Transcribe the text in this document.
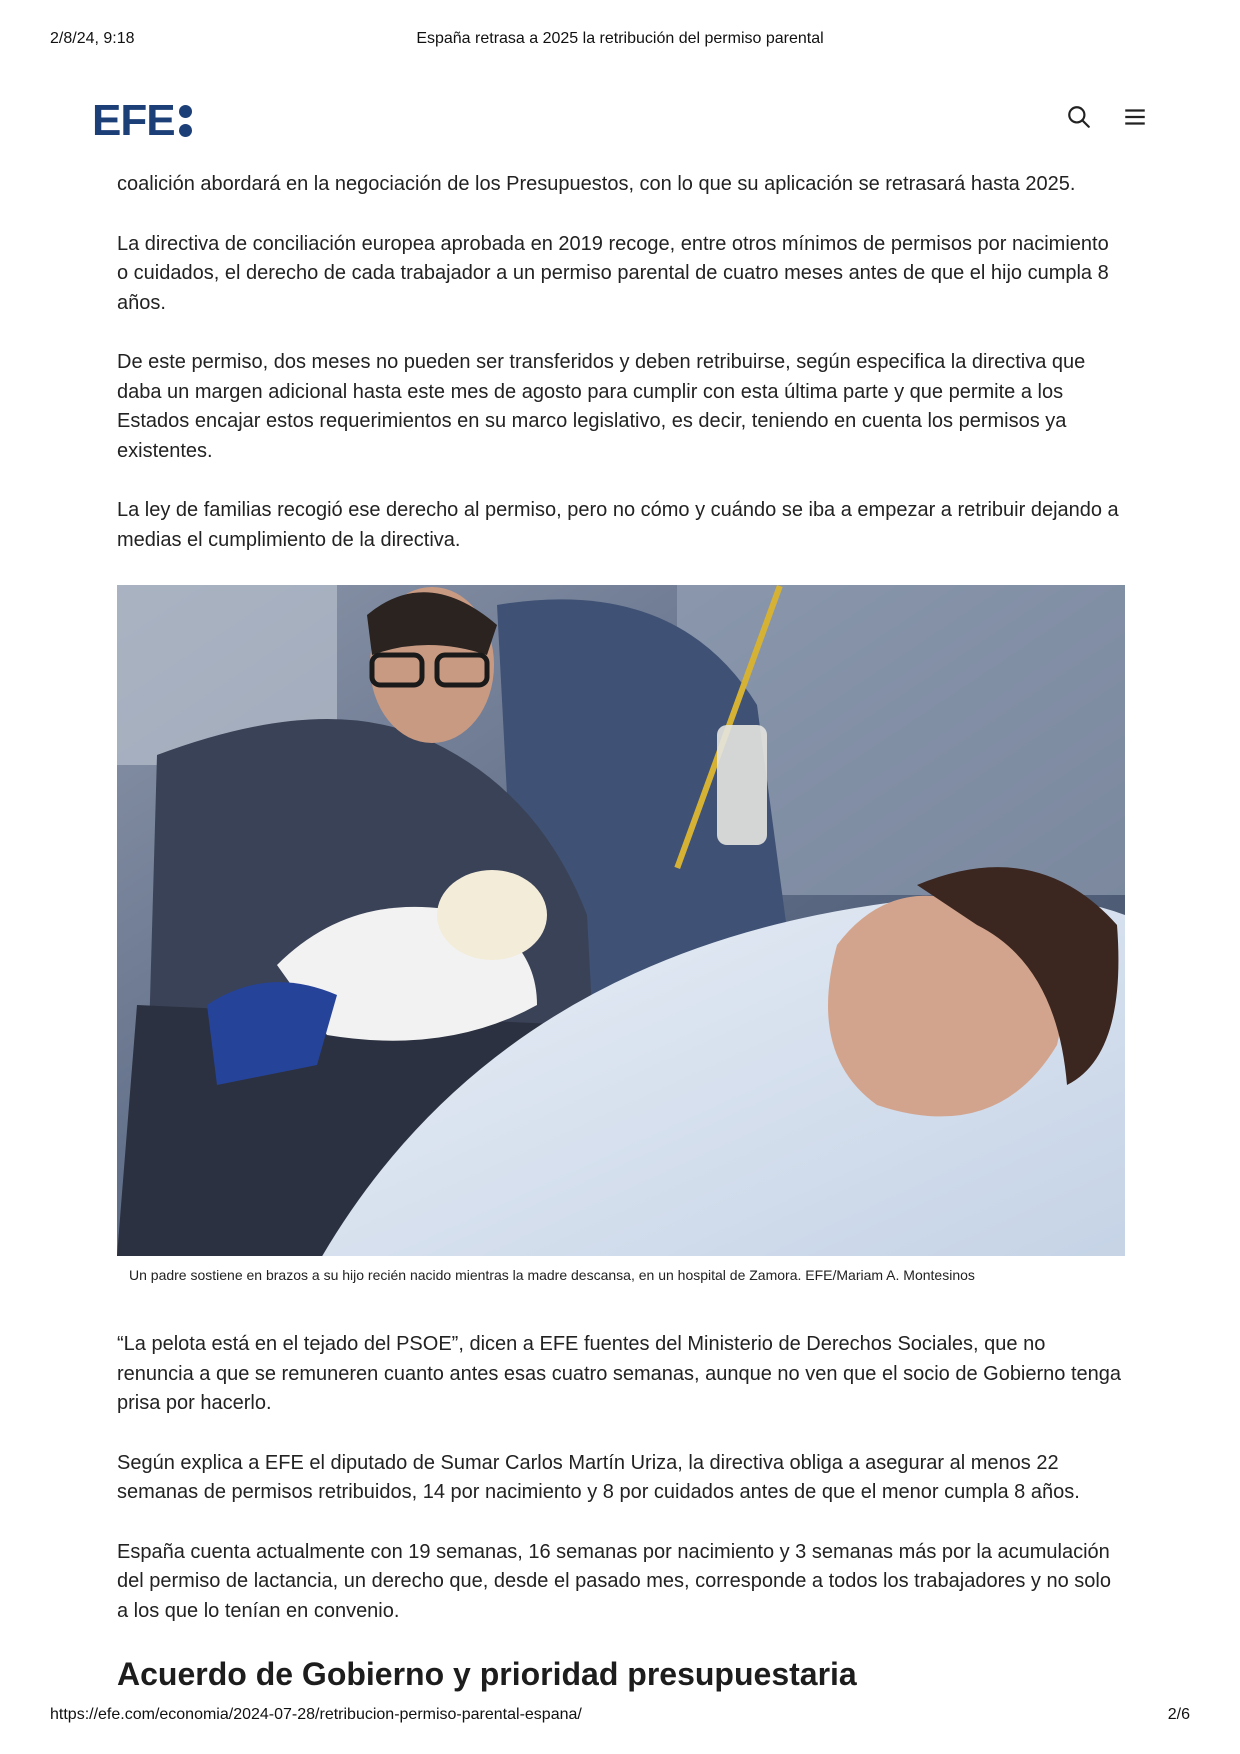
2/8/24, 9:18	España retrasa a 2025 la retribución del permiso parental
EFE

coalición abordará en la negociación de los Presupuestos, con lo que su aplicación se retrasará hasta 2025.

La directiva de conciliación europea aprobada en 2019 recoge, entre otros mínimos de permisos por nacimiento o cuidados, el derecho de cada trabajador a un permiso parental de cuatro meses antes de que el hijo cumpla 8 años.

De este permiso, dos meses no pueden ser transferidos y deben retribuirse, según especifica la directiva que daba un margen adicional hasta este mes de agosto para cumplir con esta última parte y que permite a los Estados encajar estos requerimientos en su marco legislativo, es decir, teniendo en cuenta los permisos ya existentes.

La ley de familias recogió ese derecho al permiso, pero no cómo y cuándo se iba a empezar a retribuir dejando a medias el cumplimiento de la directiva.

Un padre sostiene en brazos a su hijo recién nacido mientras la madre descansa, en un hospital de Zamora. EFE/Mariam A. Montesinos

“La pelota está en el tejado del PSOE”, dicen a EFE fuentes del Ministerio de Derechos Sociales, que no renuncia a que se remuneren cuanto antes esas cuatro semanas, aunque no ven que el socio de Gobierno tenga prisa por hacerlo.

Según explica a EFE el diputado de Sumar Carlos Martín Uriza, la directiva obliga a asegurar al menos 22 semanas de permisos retribuidos, 14 por nacimiento y 8 por cuidados antes de que el menor cumpla 8 años.

España cuenta actualmente con 19 semanas, 16 semanas por nacimiento y 3 semanas más por la acumulación del permiso de lactancia, un derecho que, desde el pasado mes, corresponde a todos los trabajadores y no solo a los que lo tenían en convenio.

Acuerdo de Gobierno y prioridad presupuestaria
https://efe.com/economia/2024-07-28/retribucion-permiso-parental-espana/	2/6
